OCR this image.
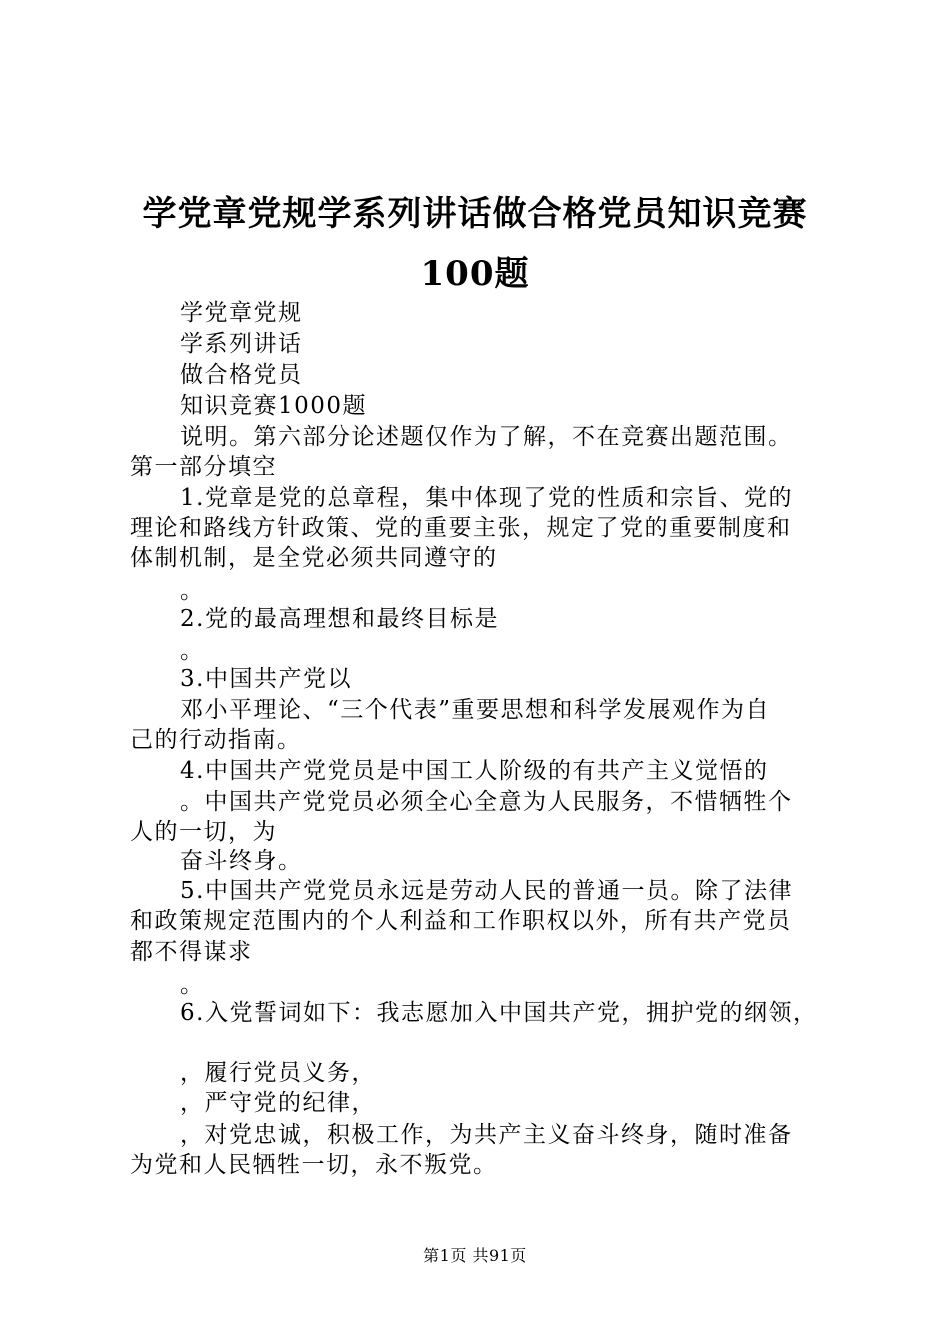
学党章党规学系列讲话做合格党员知识竞赛
100题
学党章党规
学系列讲话
做合格党员
知识竞赛1000题
说明。第六部分论述题仅作为了解，不在竞赛出题范围。
第一部分填空
1.党章是党的总章程，集中体现了党的性质和宗旨、党的
理论和路线方针政策、党的重要主张，规定了党的重要制度和
体制机制，是全党必须共同遵守的
。
2.党的最高理想和最终目标是
。
3.中国共产党以
邓小平理论、“三个代表”重要思想和科学发展观作为自
己的行动指南。
4.中国共产党党员是中国工人阶级的有共产主义觉悟的
。中国共产党党员必须全心全意为人民服务，不惜牺牲个
人的一切，为
奋斗终身。
5.中国共产党党员永远是劳动人民的普通一员。除了法律
和政策规定范围内的个人利益和工作职权以外，所有共产党员
都不得谋求
。
6.入党誓词如下：我志愿加入中国共产党，拥护党的纲领，
，履行党员义务，
，严守党的纪律，
，对党忠诚，积极工作，为共产主义奋斗终身，随时准备
为党和人民牺牲一切，永不叛党。
第1页 共91页
